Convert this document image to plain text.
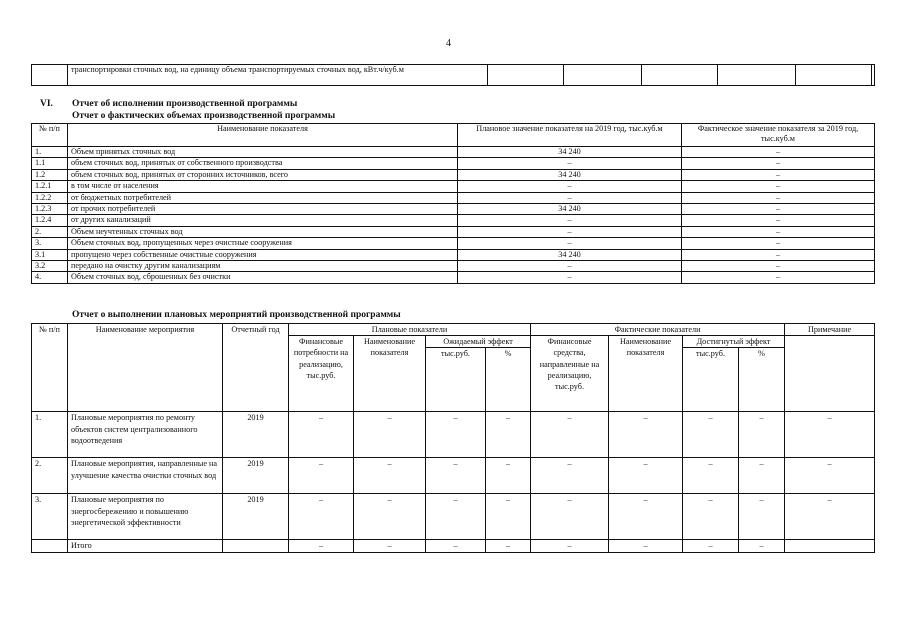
4
	транспортировки сточных вод, на единицу объема транспортируемых сточных вод, кВт.ч/куб.м						
VI. Отчет об исполнении производственной программы
Отчет о фактических объемах производственной программы
№ п/п	Наименование показателя	Плановое значение показателя на 2019 год, тыс.куб.м	Фактическое значение показателя за 2019 год, тыс.куб.м
1.	Объем принятых сточных вод	34 240	–
1.1	объем сточных вод, принятых от собственного производства	–	–
1.2	объем сточных вод, принятых от сторонних источников, всего	34 240	–
1.2.1	в том числе от населения	–	–
1.2.2	от бюджетных потребителей	–	–
1.2.3	от прочих потребителей	34 240	–
1.2.4	от других канализаций	–	–
2.	Объем неучтенных сточных вод	–	–
3.	Объем сточных вод, пропущенных через очистные сооружения	–	–
3.1	пропущено через собственные очистные сооружения	34 240	–
3.2	передано на очистку другим канализациям	–	–
4.	Объем сточных вод, сброшенных без очистки	–	–
Отчет о выполнении плановых мероприятий производственной программы
№ п/п	Наименование мероприятия	Отчетный год	Плановые показатели				Фактические показатели				Примечание
			Финансовые потребности на реализацию, тыс.руб.	Наименование показателя	Ожидаемый эффект		Финансовые средства, направленные на реализацию, тыс.руб.	Наименование показателя	Достигнутый эффект		
					тыс.руб.	%			тыс.руб.	%	
1.	Плановые мероприятия по ремонту объектов систем централизованного водоотведения	2019	–	–	–	–	–	–	–	–	–
2.	Плановые мероприятия, направленные на улучшение качества очистки сточных вод	2019	–	–	–	–	–	–	–	–	–
3.	Плановые мероприятия по энергосбережению и повышению энергетической эффективности	2019	–	–	–	–	–	–	–	–	–
	Итого		–	–	–	–	–	–	–	–	
